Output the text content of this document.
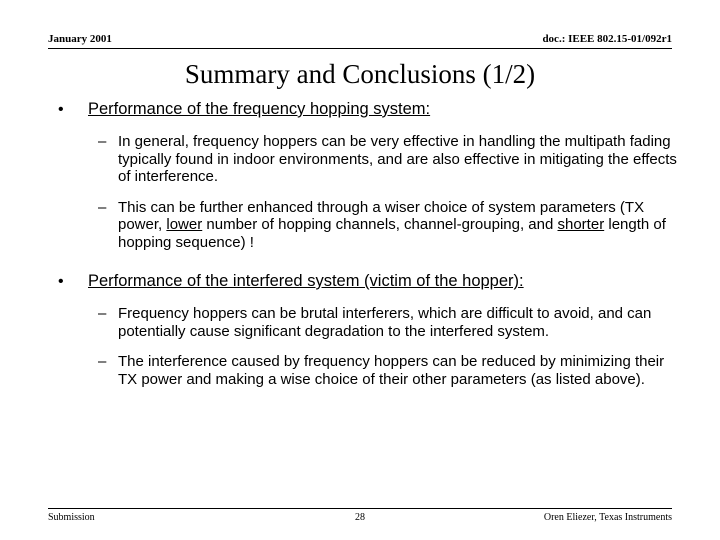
January 2001	doc.: IEEE 802.15-01/092r1
Summary and Conclusions (1/2)
• Performance of the frequency hopping system:
– In general, frequency hoppers can be very effective in handling the multipath fading typically found in indoor environments, and are also effective in mitigating the effects of interference.
– This can be further enhanced through a wiser choice of system parameters (TX power, lower number of hopping channels, channel-grouping, and shorter length of hopping sequence) !
• Performance of the interfered system (victim of the hopper):
– Frequency hoppers can be brutal interferers, which are difficult to avoid, and can potentially cause significant degradation to the interfered system.
– The interference caused by frequency hoppers can be reduced by minimizing their TX power and making a wise choice of their other parameters (as listed above).
Submission	28	Oren Eliezer, Texas Instruments
